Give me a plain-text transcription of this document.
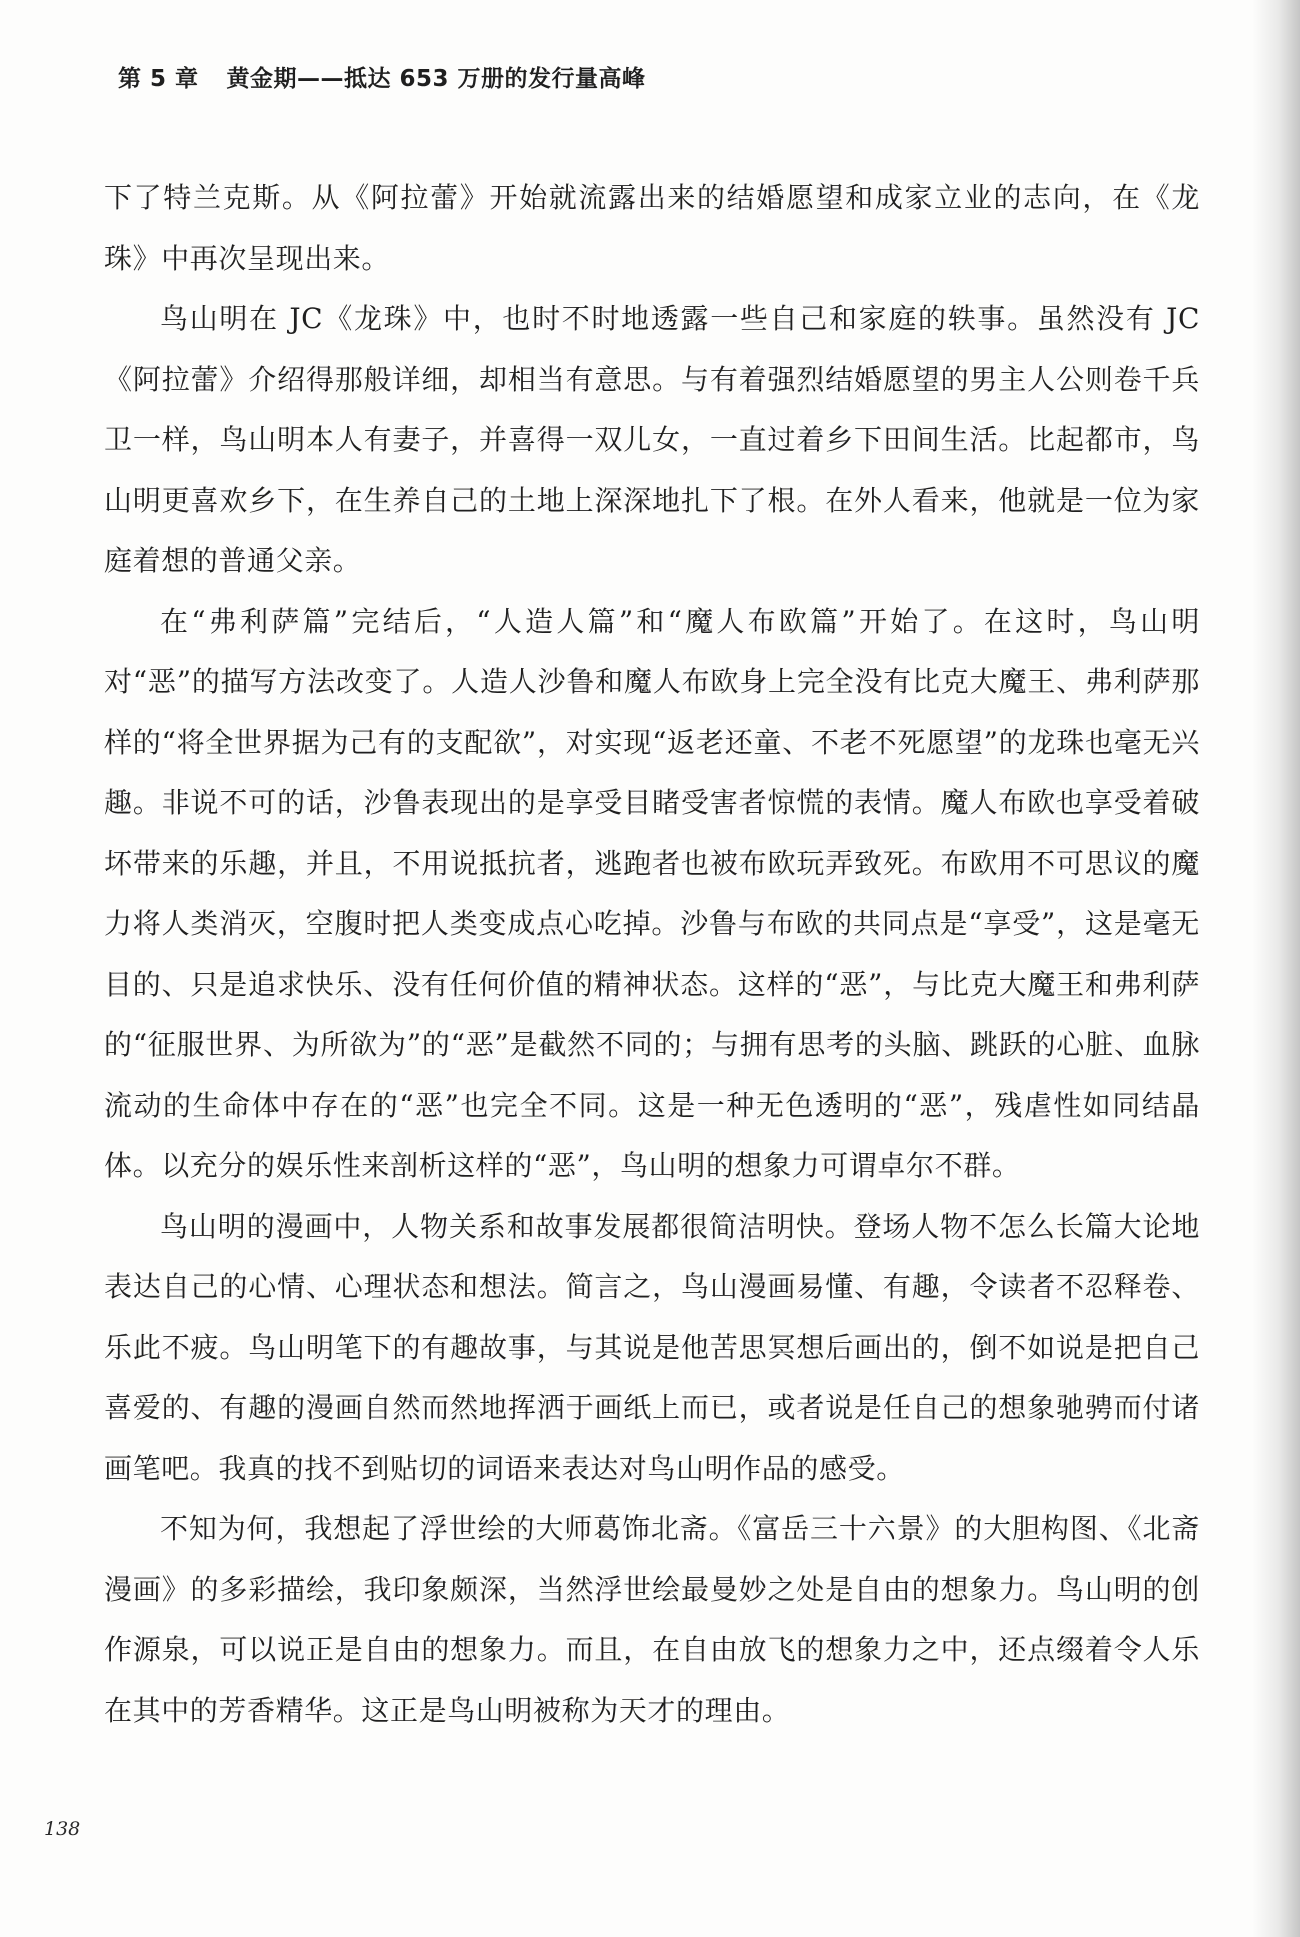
第 5 章 黄金期——抵达 653 万册的发行量高峰

下了特兰克斯。从《阿拉蕾》开始就流露出来的结婚愿望和成家立业的志向，在《龙珠》中再次呈现出来。

鸟山明在 JC《龙珠》中，也时不时地透露一些自己和家庭的轶事。虽然没有 JC《阿拉蕾》介绍得那般详细，却相当有意思。与有着强烈结婚愿望的男主人公则卷千兵卫一样，鸟山明本人有妻子，并喜得一双儿女，一直过着乡下田间生活。比起都市，鸟山明更喜欢乡下，在生养自己的土地上深深地扎下了根。在外人看来，他就是一位为家庭着想的普通父亲。

在“弗利萨篇”完结后，“人造人篇”和“魔人布欧篇”开始了。在这时，鸟山明对“恶”的描写方法改变了。人造人沙鲁和魔人布欧身上完全没有比克大魔王、弗利萨那样的“将全世界据为己有的支配欲”，对实现“返老还童、不老不死愿望”的龙珠也毫无兴趣。非说不可的话，沙鲁表现出的是享受目睹受害者惊慌的表情。魔人布欧也享受着破坏带来的乐趣，并且，不用说抵抗者，逃跑者也被布欧玩弄致死。布欧用不可思议的魔力将人类消灭，空腹时把人类变成点心吃掉。沙鲁与布欧的共同点是“享受”，这是毫无目的、只是追求快乐、没有任何价值的精神状态。这样的“恶”，与比克大魔王和弗利萨的“征服世界、为所欲为”的“恶”是截然不同的；与拥有思考的头脑、跳跃的心脏、血脉流动的生命体中存在的“恶”也完全不同。这是一种无色透明的“恶”，残虐性如同结晶体。以充分的娱乐性来剖析这样的“恶”，鸟山明的想象力可谓卓尔不群。

鸟山明的漫画中，人物关系和故事发展都很简洁明快。登场人物不怎么长篇大论地表达自己的心情、心理状态和想法。简言之，鸟山漫画易懂、有趣，令读者不忍释卷、乐此不疲。鸟山明笔下的有趣故事，与其说是他苦思冥想后画出的，倒不如说是把自己喜爱的、有趣的漫画自然而然地挥洒于画纸上而已，或者说是任自己的想象驰骋而付诸画笔吧。我真的找不到贴切的词语来表达对鸟山明作品的感受。

不知为何，我想起了浮世绘的大师葛饰北斋。《富岳三十六景》的大胆构图、《北斋漫画》的多彩描绘，我印象颇深，当然浮世绘最曼妙之处是自由的想象力。鸟山明的创作源泉，可以说正是自由的想象力。而且，在自由放飞的想象力之中，还点缀着令人乐在其中的芳香精华。这正是鸟山明被称为天才的理由。

138
